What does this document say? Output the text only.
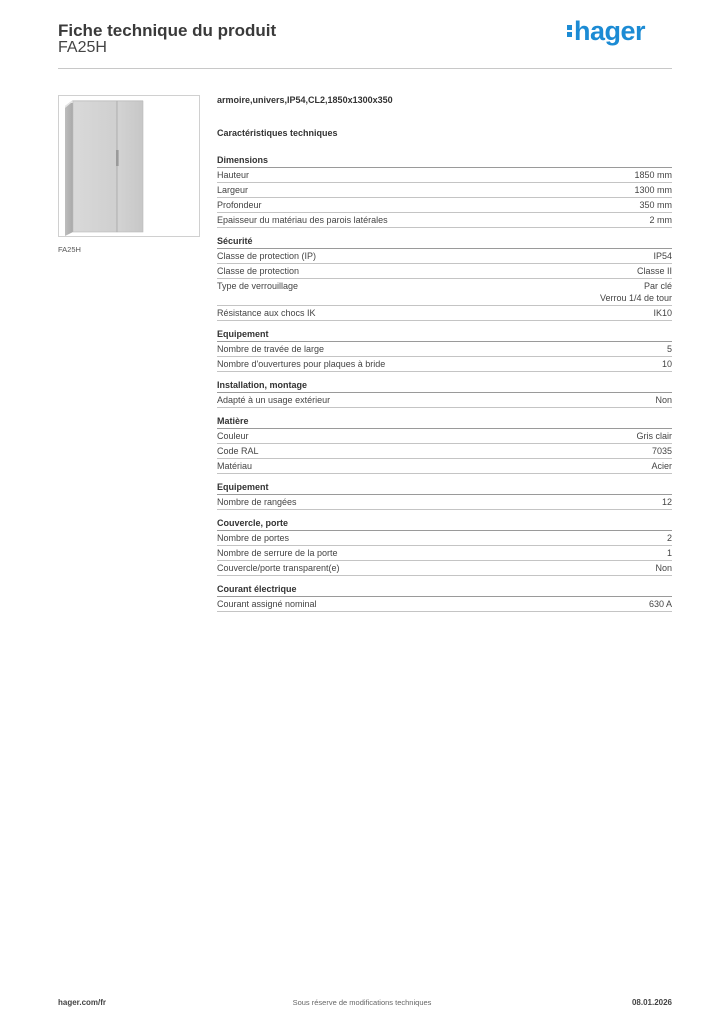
Fiche technique du produit
FA25H
hager
FA25H
armoire,univers,IP54,CL2,1850x1300x350
Caractéristiques techniques
Dimensions
Hauteur	1850 mm
Largeur	1300 mm
Profondeur	350 mm
Epaisseur du matériau des parois latérales	2 mm
Sécurité
Classe de protection (IP)	IP54
Classe de protection	Classe II
Type de verrouillage	Par clé
Verrou 1/4 de tour
Résistance aux chocs IK	IK10
Equipement
Nombre de travée de large	5
Nombre d'ouvertures pour plaques à bride	10
Installation, montage
Adapté à un usage extérieur	Non
Matière
Couleur	Gris clair
Code RAL	7035
Matériau	Acier
Equipement
Nombre de rangées	12
Couvercle, porte
Nombre de portes	2
Nombre de serrure de la porte	1
Couvercle/porte transparent(e)	Non
Courant électrique
Courant assigné nominal	630 A
hager.com/fr	Sous réserve de modifications techniques	08.01.2026
